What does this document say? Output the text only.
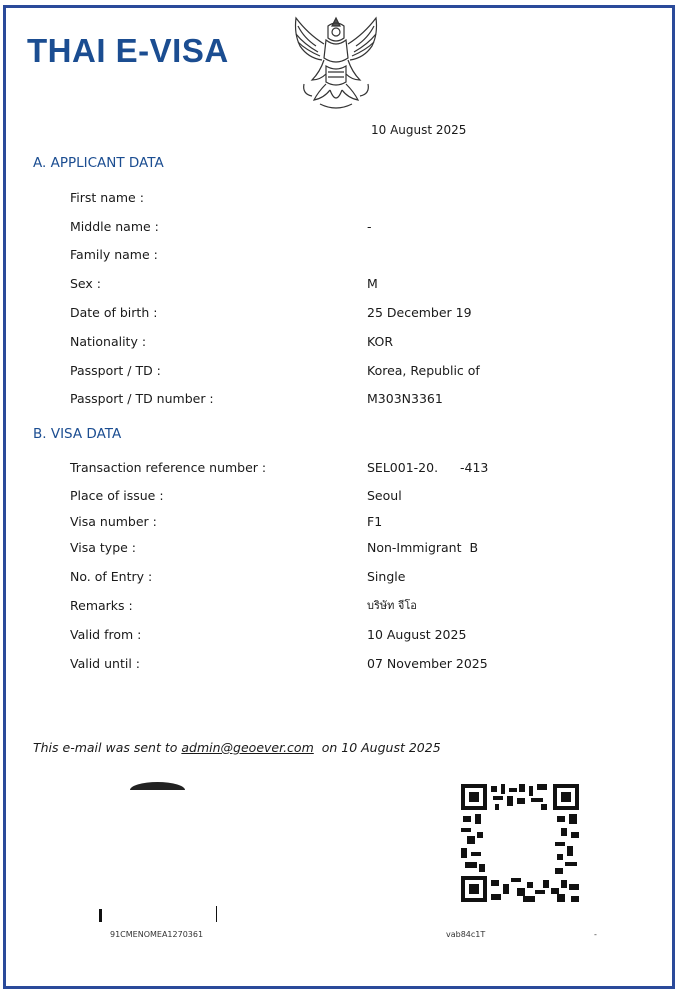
THAI E-VISA
10 August 2025
A. APPLICANT DATA
First name :
Middle name :	-
Family name :
Sex :	M
Date of birth :	25 December 19
Nationality :	KOR
Passport / TD :	Korea, Republic of
Passport / TD number :	M303N3361
B. VISA DATA
Transaction reference number :	SEL001-20. -413
Place of issue :	Seoul
Visa number :	F1
Visa type :	Non-Immigrant  B
No. of Entry :	Single
Remarks :	บริษัท จีโอ
Valid from :	10 August 2025
Valid until :	07 November 2025
This e-mail was sent to admin@geoever.com  on 10 August 2025
91CMENOMEA1270361	vab84c1T	-
